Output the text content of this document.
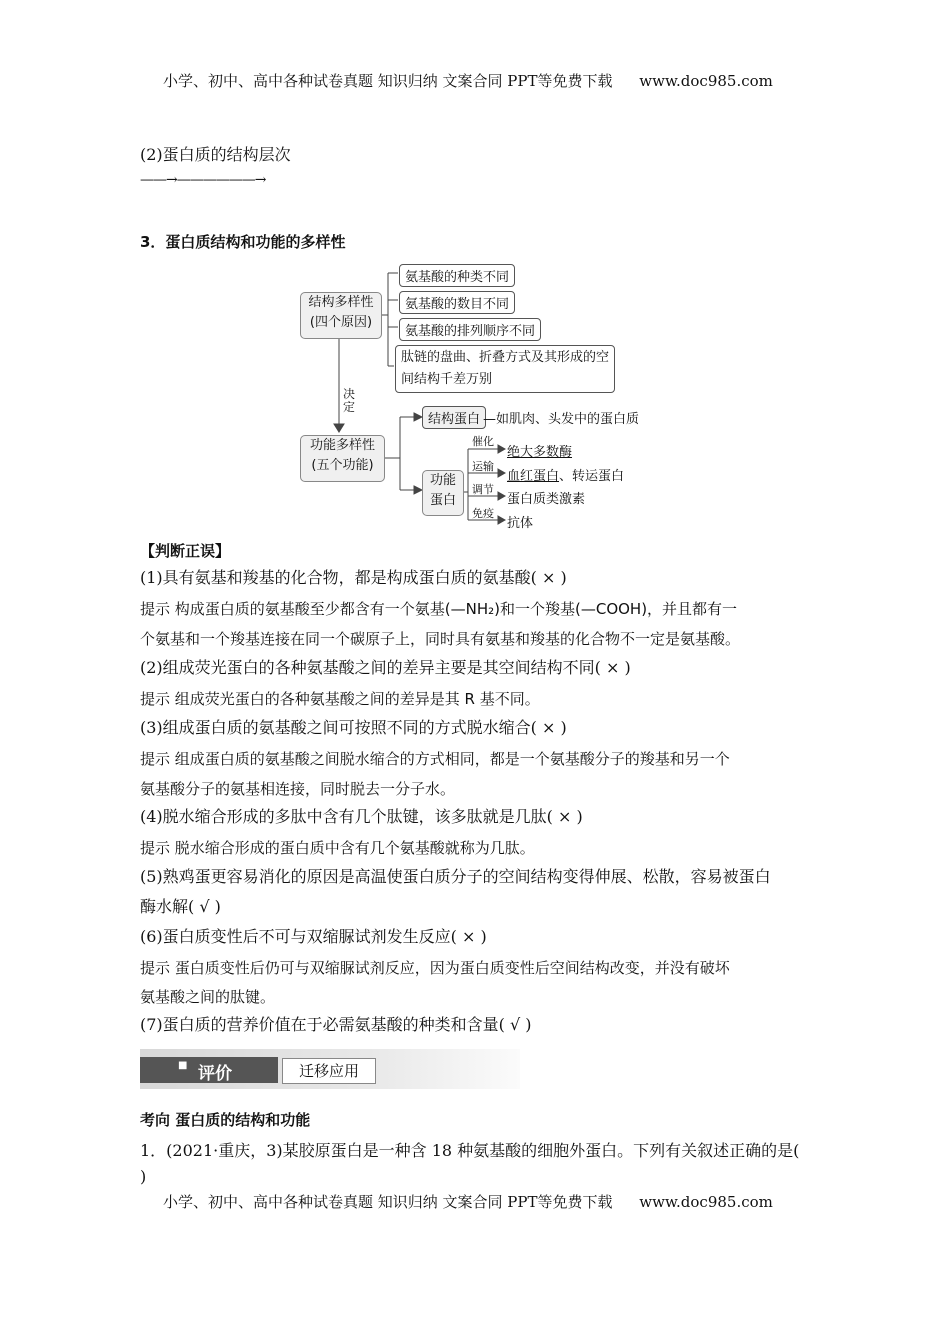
小学、初中、高中各种试卷真题 知识归纳 文案合同 PPT等免费下载 www.doc985.com
(2)蛋白质的结构层次
——→——————→
3．蛋白质结构和功能的多样性
结构多样性
(四个原因)
氨基酸的种类不同
氨基酸的数目不同
氨基酸的排列顺序不同
肽链的盘曲、折叠方式及其形成的空
间结构千差万别
决定
功能多样性
(五个功能)
结构蛋白 —如肌肉、头发中的蛋白质
功能
蛋白
催化
运输
调节
免疫
绝大多数酶
血红蛋白、转运蛋白
蛋白质类激素
抗体
【判断正误】
(1)具有氨基和羧基的化合物，都是构成蛋白质的氨基酸( × )
提示 构成蛋白质的氨基酸至少都含有一个氨基(—NH₂)和一个羧基(—COOH)，并且都有一
个氨基和一个羧基连接在同一个碳原子上，同时具有氨基和羧基的化合物不一定是氨基酸。
(2)组成荧光蛋白的各种氨基酸之间的差异主要是其空间结构不同( × )
提示 组成荧光蛋白的各种氨基酸之间的差异是其 R 基不同。
(3)组成蛋白质的氨基酸之间可按照不同的方式脱水缩合( × )
提示 组成蛋白质的氨基酸之间脱水缩合的方式相同，都是一个氨基酸分子的羧基和另一个
氨基酸分子的氨基相连接，同时脱去一分子水。
(4)脱水缩合形成的多肽中含有几个肽键，该多肽就是几肽( × )
提示 脱水缩合形成的蛋白质中含有几个氨基酸就称为几肽。
(5)熟鸡蛋更容易消化的原因是高温使蛋白质分子的空间结构变得伸展、松散，容易被蛋白
酶水解( √ )
(6)蛋白质变性后不可与双缩脲试剂发生反应( × )
提示 蛋白质变性后仍可与双缩脲试剂反应，因为蛋白质变性后空间结构改变，并没有破坏
氨基酸之间的肽键。
(7)蛋白质的营养价值在于必需氨基酸的种类和含量( √ )
■ 评价	迁移应用
考向 蛋白质的结构和功能
1．(2021·重庆，3)某胶原蛋白是一种含 18 种氨基酸的细胞外蛋白。下列有关叙述正确的是(
)
小学、初中、高中各种试卷真题 知识归纳 文案合同 PPT等免费下载 www.doc985.com
